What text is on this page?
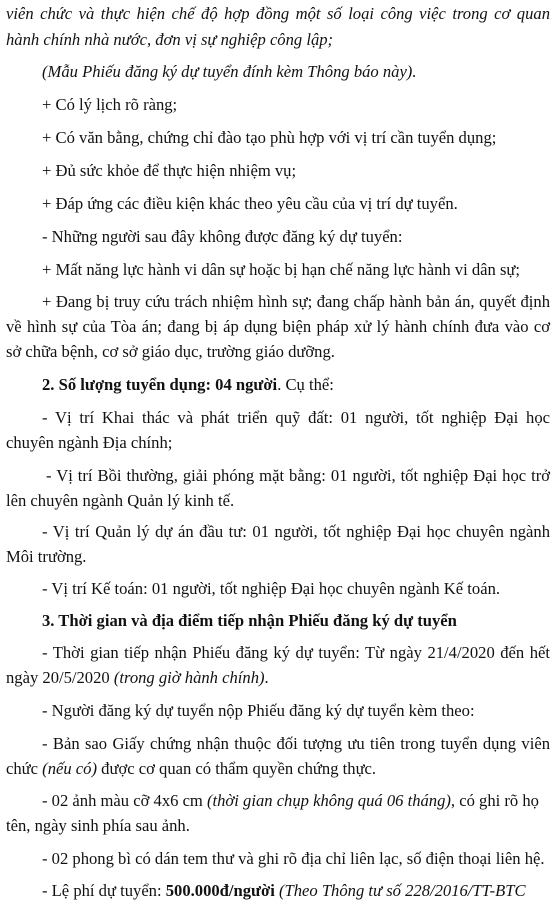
viên chức và thực hiện chế độ hợp đồng một số loại công việc trong cơ quan
hành chính nhà nước, đơn vị sự nghiệp công lập;
(Mẫu Phiếu đăng ký dự tuyển đính kèm Thông báo này).
+ Có lý lịch rõ ràng;
+ Có văn bằng, chứng chỉ đào tạo phù hợp với vị trí cần tuyển dụng;
+ Đủ sức khỏe để thực hiện nhiệm vụ;
+ Đáp ứng các điều kiện khác theo yêu cầu của vị trí dự tuyển.
- Những người sau đây không được đăng ký dự tuyển:
+ Mất năng lực hành vi dân sự hoặc bị hạn chế năng lực hành vi dân sự;
+ Đang bị truy cứu trách nhiệm hình sự; đang chấp hành bản án, quyết định
về hình sự của Tòa án; đang bị áp dụng biện pháp xử lý hành chính đưa vào cơ
sở chữa bệnh, cơ sở giáo dục, trường giáo dưỡng.
2. Số lượng tuyển dụng: 04 người. Cụ thể:
- Vị trí Khai thác và phát triển quỹ đất: 01 người, tốt nghiệp Đại học
chuyên ngành Địa chính;
- Vị trí Bồi thường, giải phóng mặt bằng: 01 người, tốt nghiệp Đại học trở
lên chuyên ngành Quản lý kinh tế.
- Vị trí Quản lý dự án đầu tư: 01 người, tốt nghiệp Đại học chuyên ngành
Môi trường.
- Vị trí Kế toán: 01 người, tốt nghiệp Đại học chuyên ngành Kế toán.
3. Thời gian và địa điểm tiếp nhận Phiếu đăng ký dự tuyển
- Thời gian tiếp nhận Phiếu đăng ký dự tuyển: Từ ngày 21/4/2020 đến hết
ngày 20/5/2020 (trong giờ hành chính).
- Người đăng ký dự tuyển nộp Phiếu đăng ký dự tuyển kèm theo:
- Bản sao Giấy chứng nhận thuộc đối tượng ưu tiên trong tuyển dụng viên
chức (nếu có) được cơ quan có thẩm quyền chứng thực.
- 02 ảnh màu cỡ 4x6 cm (thời gian chụp không quá 06 tháng), có ghi rõ họ
tên, ngày sinh phía sau ảnh.
- 02 phong bì có dán tem thư và ghi rõ địa chỉ liên lạc, số điện thoại liên hệ.
- Lệ phí dự tuyển: 500.000đ/người (Theo Thông tư số 228/2016/TT-BTC
